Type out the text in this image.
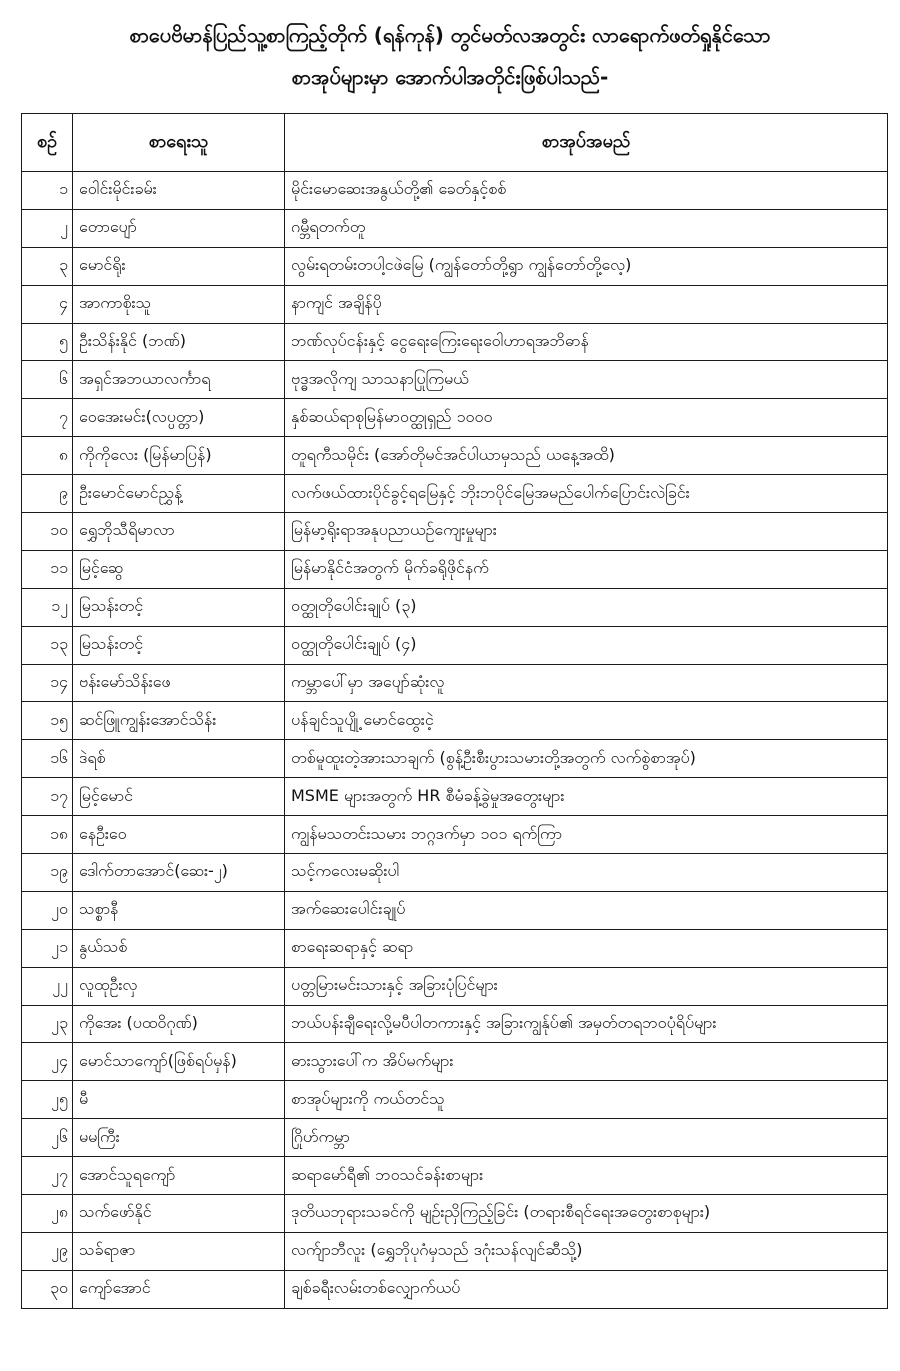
စာပေဗိမာန်ပြည်သူ့စာကြည့်တိုက် (ရန်ကုန်) တွင်မတ်လအတွင်း လာရောက်ဖတ်ရှုနိုင်သော
စာအုပ်များမှာ အောက်ပါအတိုင်းဖြစ်ပါသည်-
စဉ်	စာရေးသူ	စာအုပ်အမည်
၁	ဝေါင်းမိုင်းခမ်း	မိုင်းမောဆေးအနွယ်တို့၏ ခေတ်နှင့်စစ်
၂	တောပျော်	ဂမ္ဘီရတက်တူ
၃	မောင်ရိုး	လွမ်းရတမ်းတပါ့ငဖဲမြေ (ကျွန်တော်တို့ရွာ ကျွန်တော်တို့လေ့)
၄	အာကာစိုးသူ	နာကျင် အချိန်ပို
၅	ဦးသိန်းနိုင် (ဘဏ်)	ဘဏ်လုပ်ငန်းနှင့် ငွေရေးကြေးရေးဝေါဟာရအဘိဓာန်
၆	အရှင်အဘယာလင်္ကာရ	ဗုဒ္ဓအလိုကျ သာသနာပြုကြမယ်
၇	ဝေအေးမင်း(လပ္ပတ္တာ)	နှစ်ဆယ်ရာစုမြန်မာဝတ္ထုရှည် ၁၀၀၀
၈	ကိုကိုလေး (မြန်မာပြန်)	တူရကီသမိုင်း (အော်တိုမင်အင်ပါယာမှသည် ယနေ့အထိ)
၉	ဦးမောင်မောင်ညွှန့်	လက်ဖယ်ထားပိုင်ခွင့်ရမြေနှင့် ဘိုးဘပိုင်မြေအမည်ပေါက်ပြောင်းလဲခြင်း
၁၀	ရွှေဘိုသီရိမာလာ	မြန်မာ့ရိုးရာအနုပညာယဉ်ကျေးမှုများ
၁၁	မြင့်ဆွေ	မြန်မာနိုင်ငံအတွက် မိုက်ခရိုဖိုင်နက်
၁၂	မြသန်းတင့်	ဝတ္ထုတိုပေါင်းချုပ် (၃)
၁၃	မြသန်းတင့်	ဝတ္ထုတိုပေါင်းချုပ် (၄)
၁၄	ဗန်းမော်သိန်းဖေ	ကမ္ဘာပေါ်မှာ အပျော်ဆုံးလူ
၁၅	ဆင်ဖြူကျွန်းအောင်သိန်း	ပန်ချင်သူပျို့ မောင်ထွေးငဲ့
၁၆	ဒဲရစ်	တစ်မူထူးတဲ့အားသာချက် (စွန့်ဦးစီးပွားသမားတို့အတွက် လက်စွဲစာအုပ်)
၁၇	မြင့်မောင်	MSME များအတွက် HR စီမံခန့်ခွဲမှုအတွေးများ
၁၈	နေဦးဝေ	ကျွန်မသတင်းသမား ဘဂ္ဂဒက်မှာ ၁၀၁ ရက်ကြာ
၁၉	ဒေါက်တာအောင်(ဆေး-၂)	သင့်ကလေးမဆိုးပါ
၂၀	သစ္စာနီ	အက်ဆေးပေါင်းချုပ်
၂၁	နွယ်သစ်	စာရေးဆရာနှင့် ဆရာ
၂၂	လူထုဦးလှ	ပတ္တမြားမင်းသားနှင့် အခြားပုံပြင်များ
၂၃	ကိုအေး (ပထဝိဂုဏ်)	ဘယ်ပန်းချီရေးလို့မပီပါတကားနှင့် အခြားကျွန်ုပ်၏ အမှတ်တရဘဝပုံရိပ်များ
၂၄	မောင်သာကျော်(ဖြစ်ရပ်မှန်)	ဓားသွားပေါ်က အိပ်မက်များ
၂၅	မီ	စာအုပ်များကို ကယ်တင်သူ
၂၆	မမကြီး	ဂြိုဟ်ကမ္ဘာ
၂၇	အောင်သူရကျော်	ဆရာမော်ရီ၏ ဘဝသင်ခန်းစာများ
၂၈	သက်ဖော်နိုင်	ဒုတိယဘုရားသခင်ကို မျဉ်းညှိကြည့်ခြင်း (တရားစီရင်ရေးအတွေးစာစုများ)
၂၉	သခ်ရာဇာ	လက်ျာဘီလူး (ရွှေဘိုပုဂံမှသည် ဒဂုံးသန်လျင်ဆီသို့)
၃၀	ကျော်အောင်	ချစ်ခရီးလမ်းတစ်လျှောက်ယပ်
